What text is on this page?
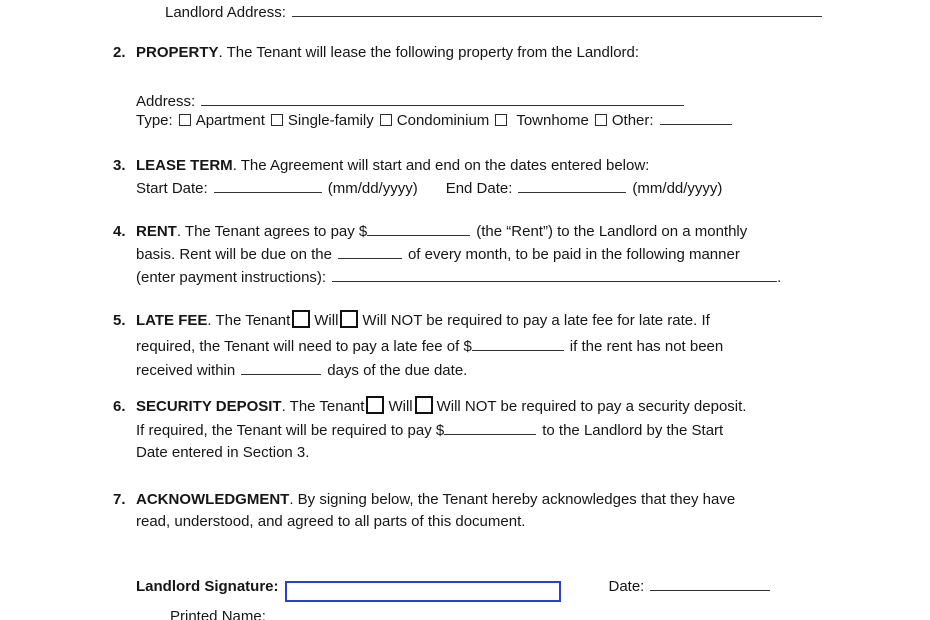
Landlord Address:
2. PROPERTY. The Tenant will lease the following property from the Landlord:
Address:
Type: Apartment Single-family Condominium Townhome Other:
3. LEASE TERM. The Agreement will start and end on the dates entered below:
Start Date:	(mm/dd/yyyy) End Date:	(mm/dd/yyyy)
4. RENT. The Tenant agrees to pay $	(the “Rent”) to the Landlord on a monthly
basis. Rent will be due on the	of every month, to be paid in the following manner
(enter payment instructions):	.
5. LATE FEE. The Tenant Will Will NOT be required to pay a late fee for late rate. If
required, the Tenant will need to pay a late fee of $	if the rent has not been
received within	days of the due date.
6. SECURITY DEPOSIT. The Tenant Will Will NOT be required to pay a security deposit.
If required, the Tenant will be required to pay $	to the Landlord by the Start
Date entered in Section 3.
7. ACKNOWLEDGMENT. By signing below, the Tenant hereby acknowledges that they have
read, understood, and agreed to all parts of this document.
Landlord Signature:	Date:
Printed Name:
